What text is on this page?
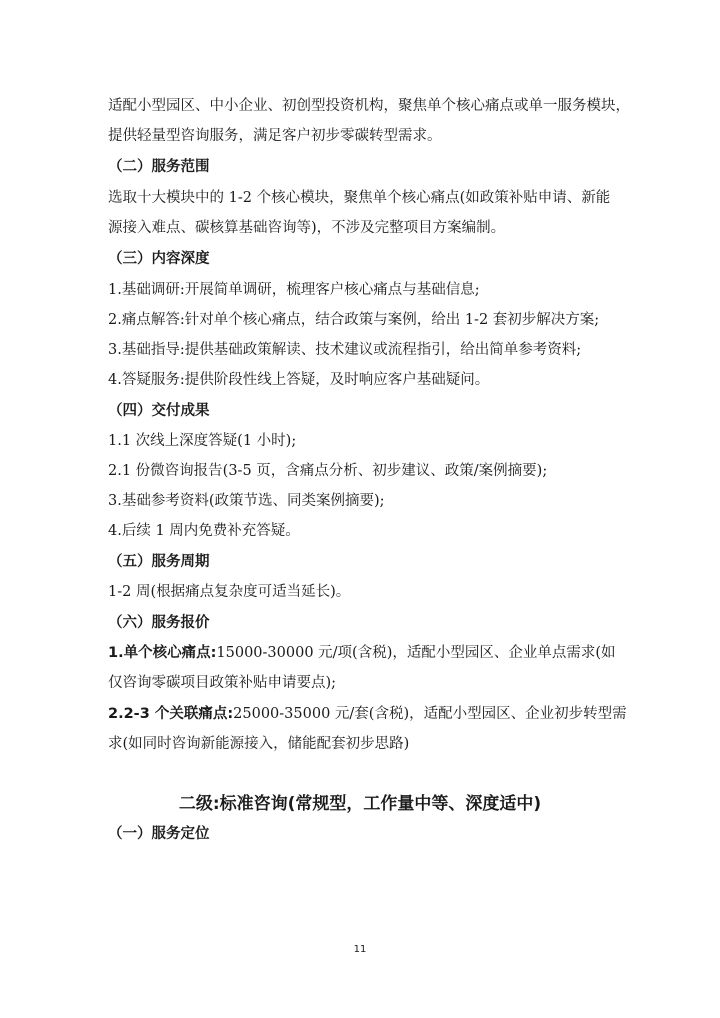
适配小型园区、中小企业、初创型投资机构，聚焦单个核心痛点或单一服务模块，
提供轻量型咨询服务，满足客户初步零碳转型需求。
（二）服务范围
选取十大模块中的 1-2 个核心模块，聚焦单个核心痛点(如政策补贴申请、新能
源接入难点、碳核算基础咨询等)，不涉及完整项目方案编制。
（三）内容深度
1.基础调研:开展简单调研，梳理客户核心痛点与基础信息;
2.痛点解答:针对单个核心痛点，结合政策与案例，给出 1-2 套初步解决方案;
3.基础指导:提供基础政策解读、技术建议或流程指引，给出简单参考资料;
4.答疑服务:提供阶段性线上答疑，及时响应客户基础疑问。
（四）交付成果
1.1 次线上深度答疑(1 小时);
2.1 份微咨询报告(3-5 页，含痛点分析、初步建议、政策/案例摘要);
3.基础参考资料(政策节选、同类案例摘要);
4.后续 1 周内免费补充答疑。
（五）服务周期
1-2 周(根据痛点复杂度可适当延长)。
（六）服务报价
1.单个核心痛点:15000-30000 元/项(含税)，适配小型园区、企业单点需求(如
仅咨询零碳项目政策补贴申请要点);
2.2-3 个关联痛点:25000-35000 元/套(含税)，适配小型园区、企业初步转型需
求(如同时咨询新能源接入，储能配套初步思路)
二级:标准咨询(常规型，工作量中等、深度适中)
（一）服务定位
11
